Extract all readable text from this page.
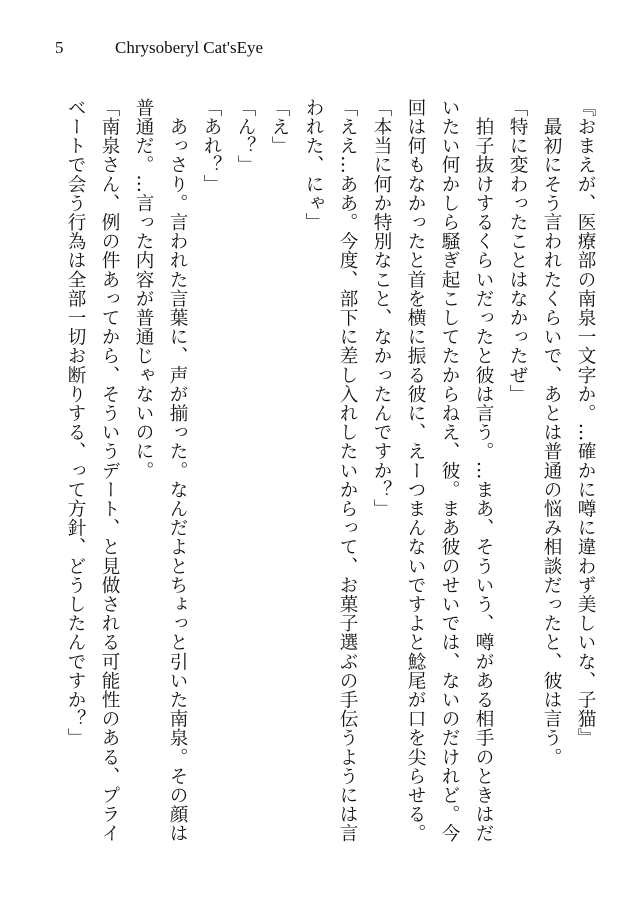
5	Chrysoberyl Cat'sEye

『おまえが、医療部の南泉一文字か。…確かに噂に違わず美しいな、子猫』

　最初にそう言われたくらいで、あとは普通の悩み相談だったと、彼は言う。

「特に変わったことはなかったぜ」

　拍子抜けするくらいだったと彼は言う。…まあ、そういう、噂がある相手のときはだいたい何かしら騒ぎ起こしてたからねえ、彼。まあ彼のせいでは、ないのだけれど。今回は何もなかったと首を横に振る彼に、えーつまんないですよと鯰尾が口を尖らせる。

「本当に何か特別なこと、なかったんですか？」

「ええ…ああ。今度、部下に差し入れしたいからって、お菓子選ぶの手伝うようには言われた、にゃ」

「え」

「ん？」

「あれ？」

　あっさり。言われた言葉に、声が揃った。なんだよとちょっと引いた南泉。その顔は普通だ。…言った内容が普通じゃないのに。

「南泉さん、例の件あってから、そういうデート、と見做される可能性のある、プライベートで会う行為は全部一切お断りする、って方針、どうしたんですか？」
